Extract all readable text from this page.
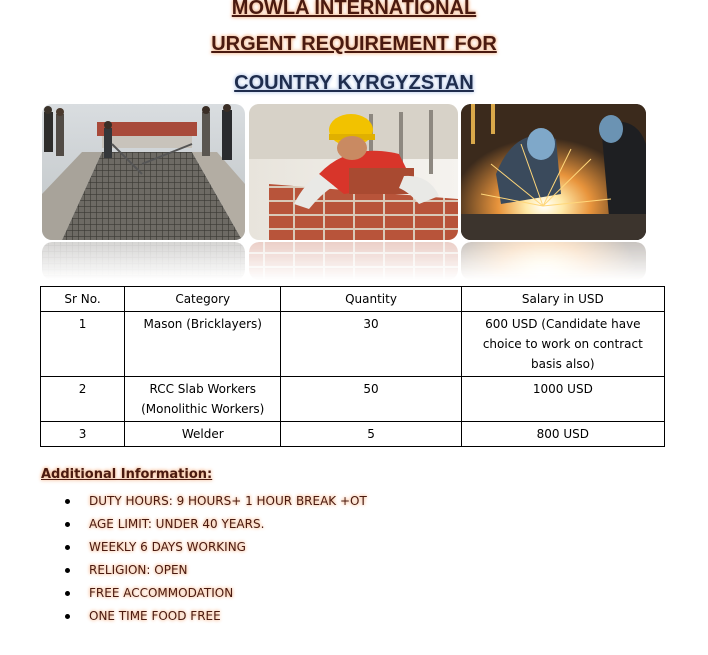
MOWLA INTERNATIONAL
URGENT REQUIREMENT FOR
COUNTRY KYRGYZSTAN
Sr No.	Category	Quantity	Salary in USD
1	Mason (Bricklayers)	30	600 USD (Candidate have choice to work on contract basis also)
2	RCC Slab Workers (Monolithic Workers)	50	1000 USD
3	Welder	5	800 USD
Additional Information:
DUTY HOURS: 9 HOURS+ 1 HOUR BREAK +OT
AGE LIMIT: UNDER 40 YEARS.
WEEKLY 6 DAYS WORKING
RELIGION: OPEN
FREE ACCOMMODATION
ONE TIME FOOD FREE
